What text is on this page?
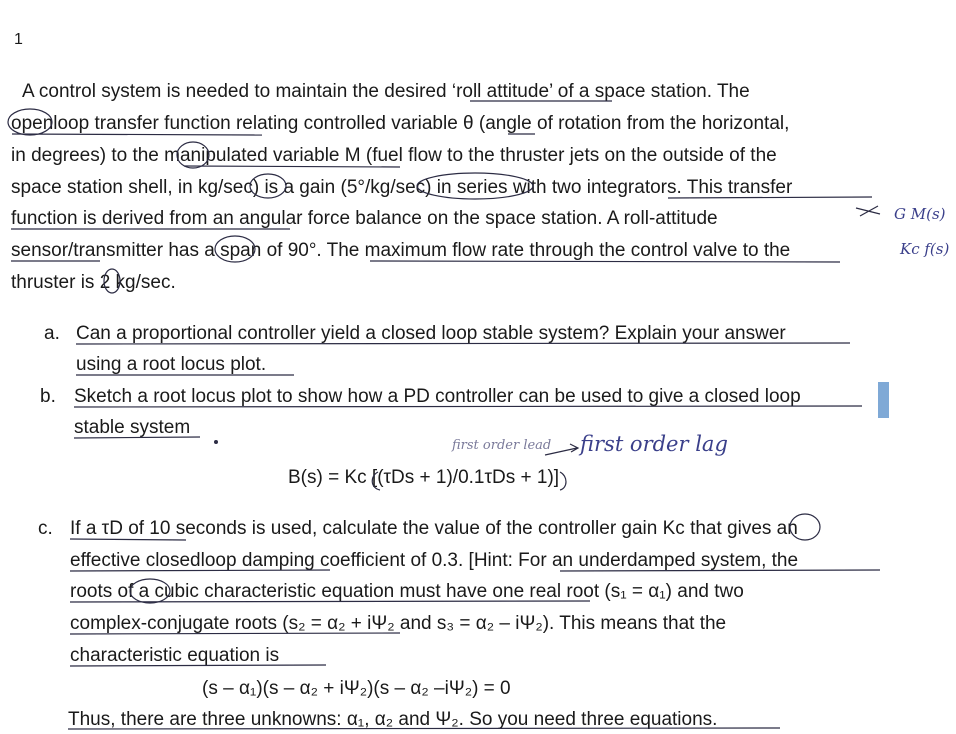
1
A control system is needed to maintain the desired ‘roll attitude’ of a space station. The
openloop transfer function relating controlled variable θ (angle of rotation from the horizontal,
in degrees) to the manipulated variable M (fuel flow to the thruster jets on the outside of the
space station shell, in kg/sec) is a gain (5°/kg/sec) in series with two integrators. This transfer
function is derived from an angular force balance on the space station. A roll-attitude
sensor/transmitter has a span of 90°. The maximum flow rate through the control valve to the
thruster is 2 kg/sec.
a. Can a proportional controller yield a closed loop stable system? Explain your answer
using a root locus plot.
b. Sketch a root locus plot to show how a PD controller can be used to give a closed loop
stable system
B(s) = Kc [(τDs + 1)/0.1τDs + 1)]
c. If a τD of 10 seconds is used, calculate the value of the controller gain Kc that gives an
effective closedloop damping coefficient of 0.3. [Hint: For an underdamped system, the
roots of a cubic characteristic equation must have one real root (s₁ = α₁) and two
complex-conjugate roots (s₂ = α₂ + iΨ₂ and s₃ = α₂ – iΨ₂). This means that the
characteristic equation is
(s – α₁)(s – α₂ + iΨ₂)(s – α₂ –iΨ₂) = 0
Thus, there are three unknowns: α₁, α₂ and Ψ₂. So you need three equations.
G M(s)
Kc f(s)
first order lead first order lag
